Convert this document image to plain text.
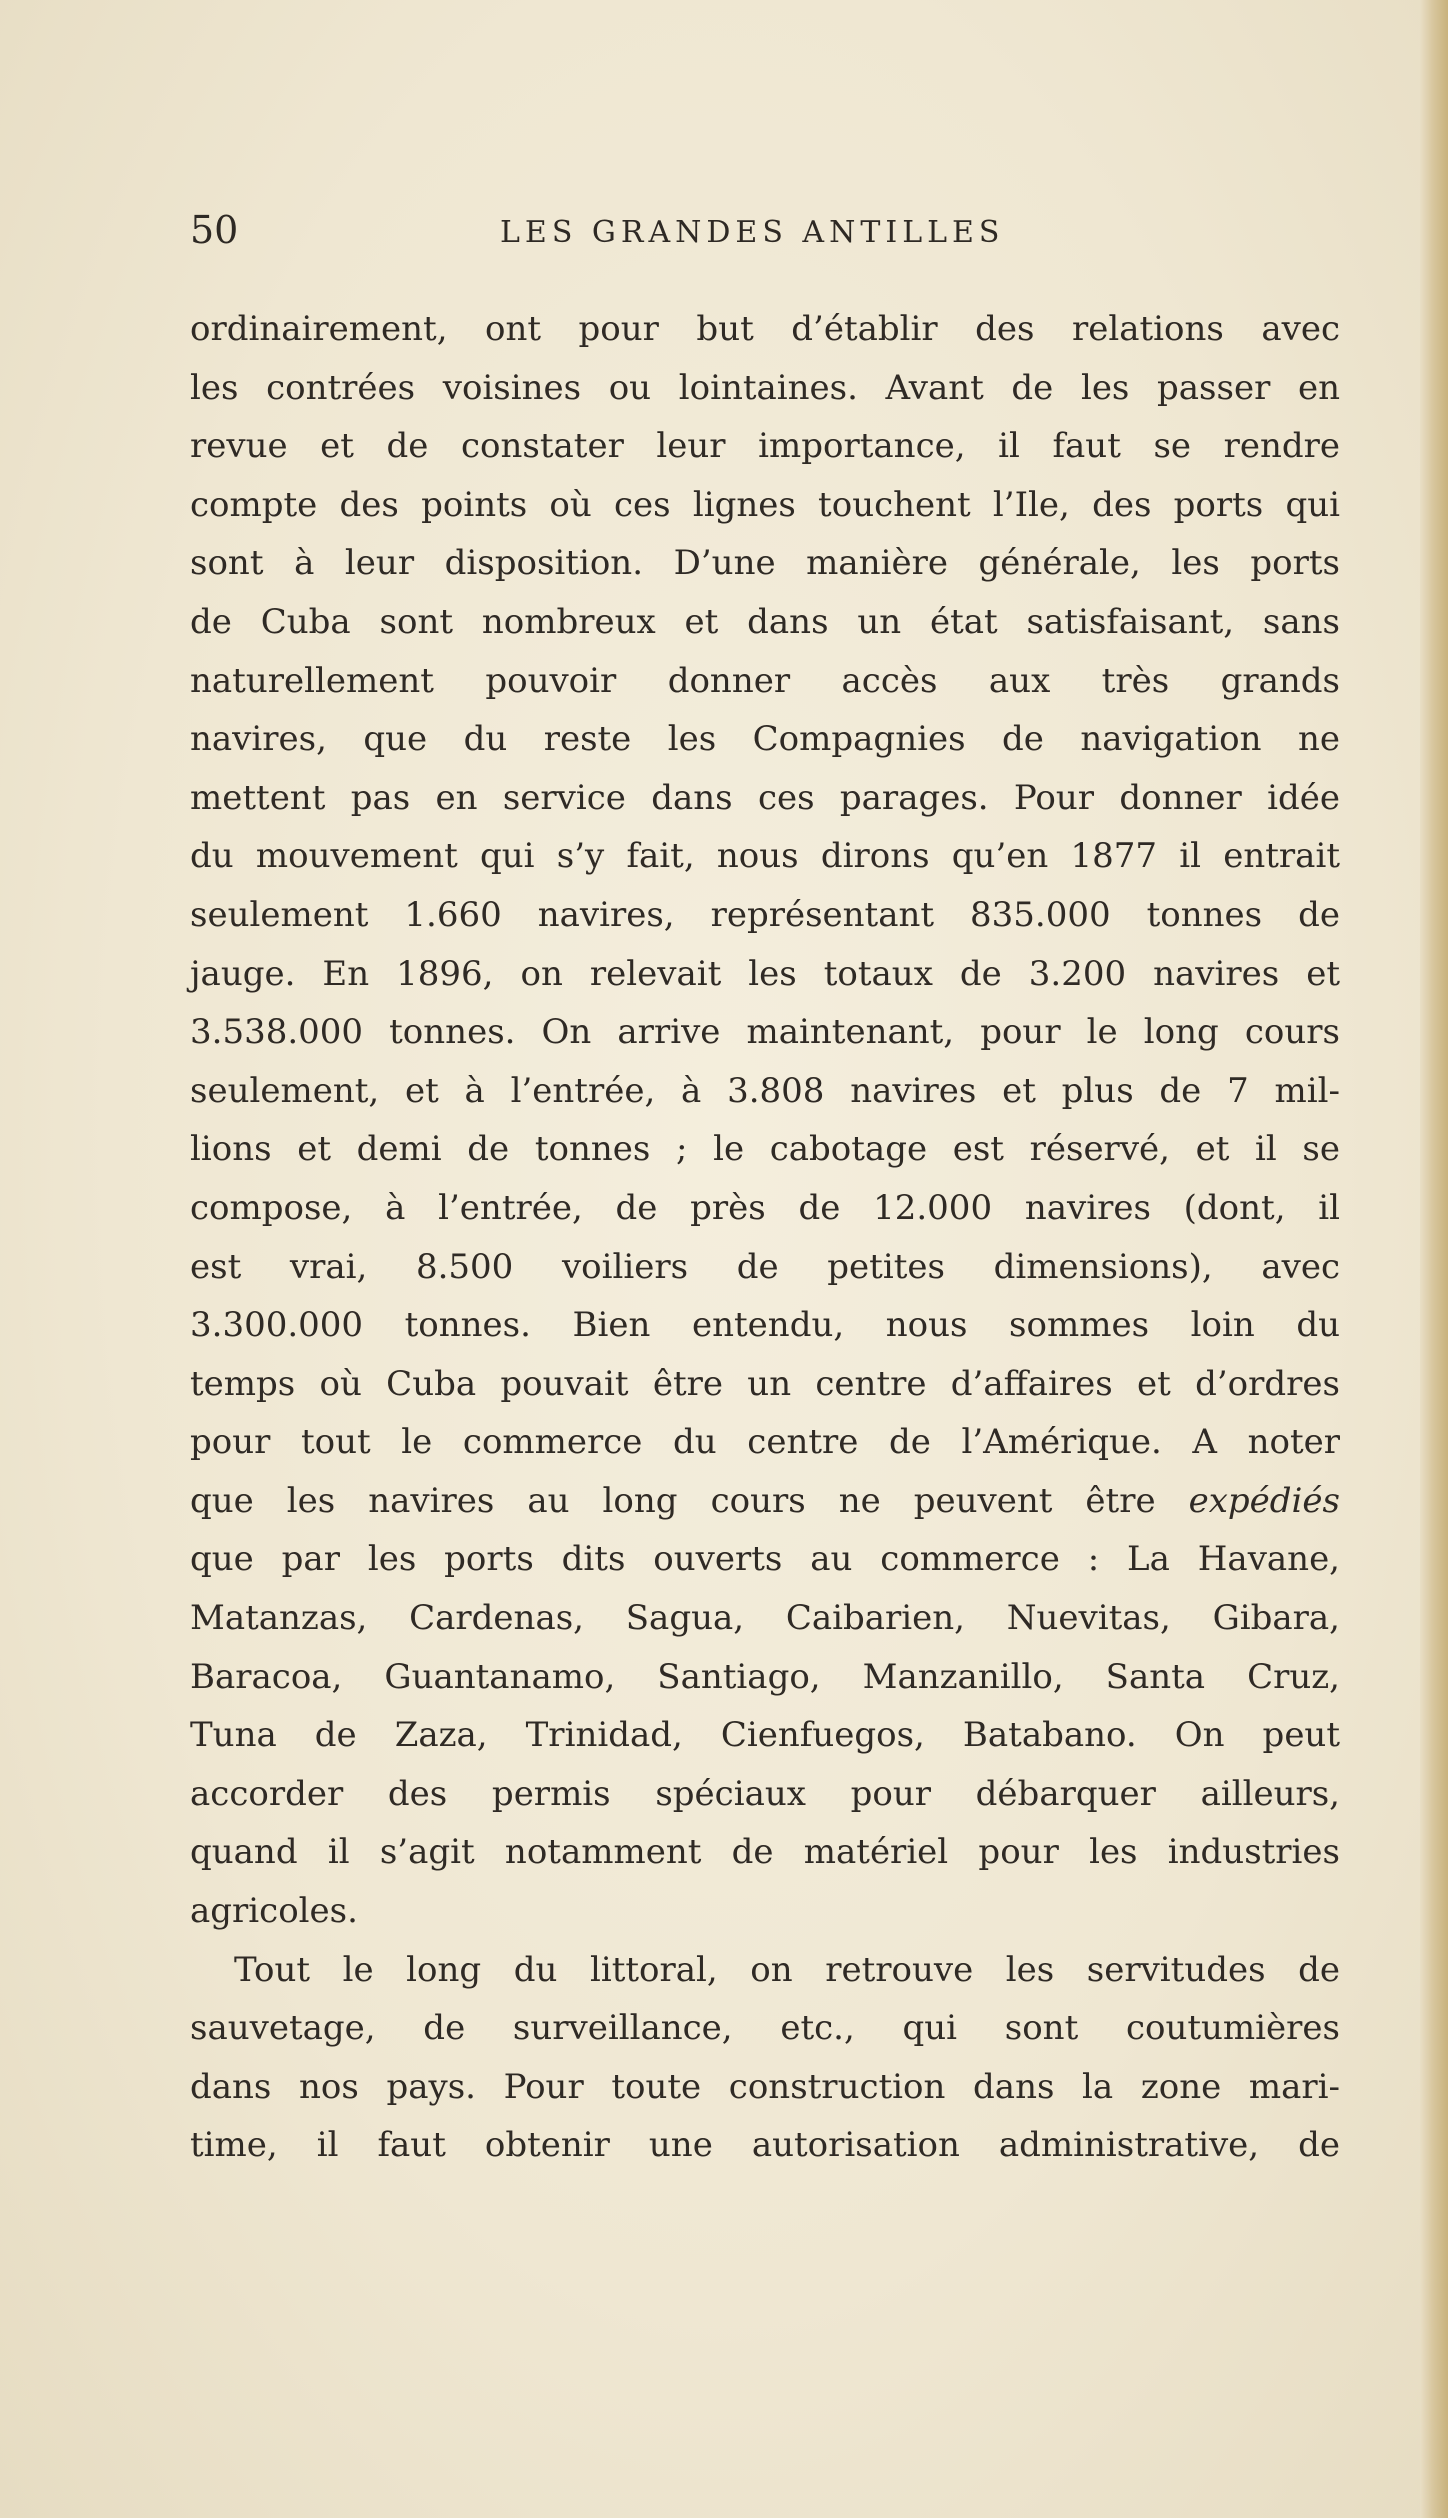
50	LES GRANDES ANTILLES

ordinairement, ont pour but d’établir des relations avec
les contrées voisines ou lointaines. Avant de les passer en
revue et de constater leur importance, il faut se rendre
compte des points où ces lignes touchent l’Ile, des ports qui
sont à leur disposition. D’une manière générale, les ports
de Cuba sont nombreux et dans un état satisfaisant, sans
naturellement pouvoir donner accès aux très grands
navires, que du reste les Compagnies de navigation ne
mettent pas en service dans ces parages. Pour donner idée
du mouvement qui s’y fait, nous dirons qu’en 1877 il entrait
seulement 1.660 navires, représentant 835.000 tonnes de
jauge. En 1896, on relevait les totaux de 3.200 navires et
3.538.000 tonnes. On arrive maintenant, pour le long cours
seulement, et à l’entrée, à 3.808 navires et plus de 7 mil-
lions et demi de tonnes ; le cabotage est réservé, et il se
compose, à l’entrée, de près de 12.000 navires (dont, il
est vrai, 8.500 voiliers de petites dimensions), avec
3.300.000 tonnes. Bien entendu, nous sommes loin du
temps où Cuba pouvait être un centre d’affaires et d’ordres
pour tout le commerce du centre de l’Amérique. A noter
que les navires au long cours ne peuvent être expédiés
que par les ports dits ouverts au commerce : La Havane,
Matanzas, Cardenas, Sagua, Caibarien, Nuevitas, Gibara,
Baracoa, Guantanamo, Santiago, Manzanillo, Santa Cruz,
Tuna de Zaza, Trinidad, Cienfuegos, Batabano. On peut
accorder des permis spéciaux pour débarquer ailleurs,
quand il s’agit notamment de matériel pour les industries
agricoles.

Tout le long du littoral, on retrouve les servitudes de
sauvetage, de surveillance, etc., qui sont coutumières
dans nos pays. Pour toute construction dans la zone mari-
time, il faut obtenir une autorisation administrative, de
